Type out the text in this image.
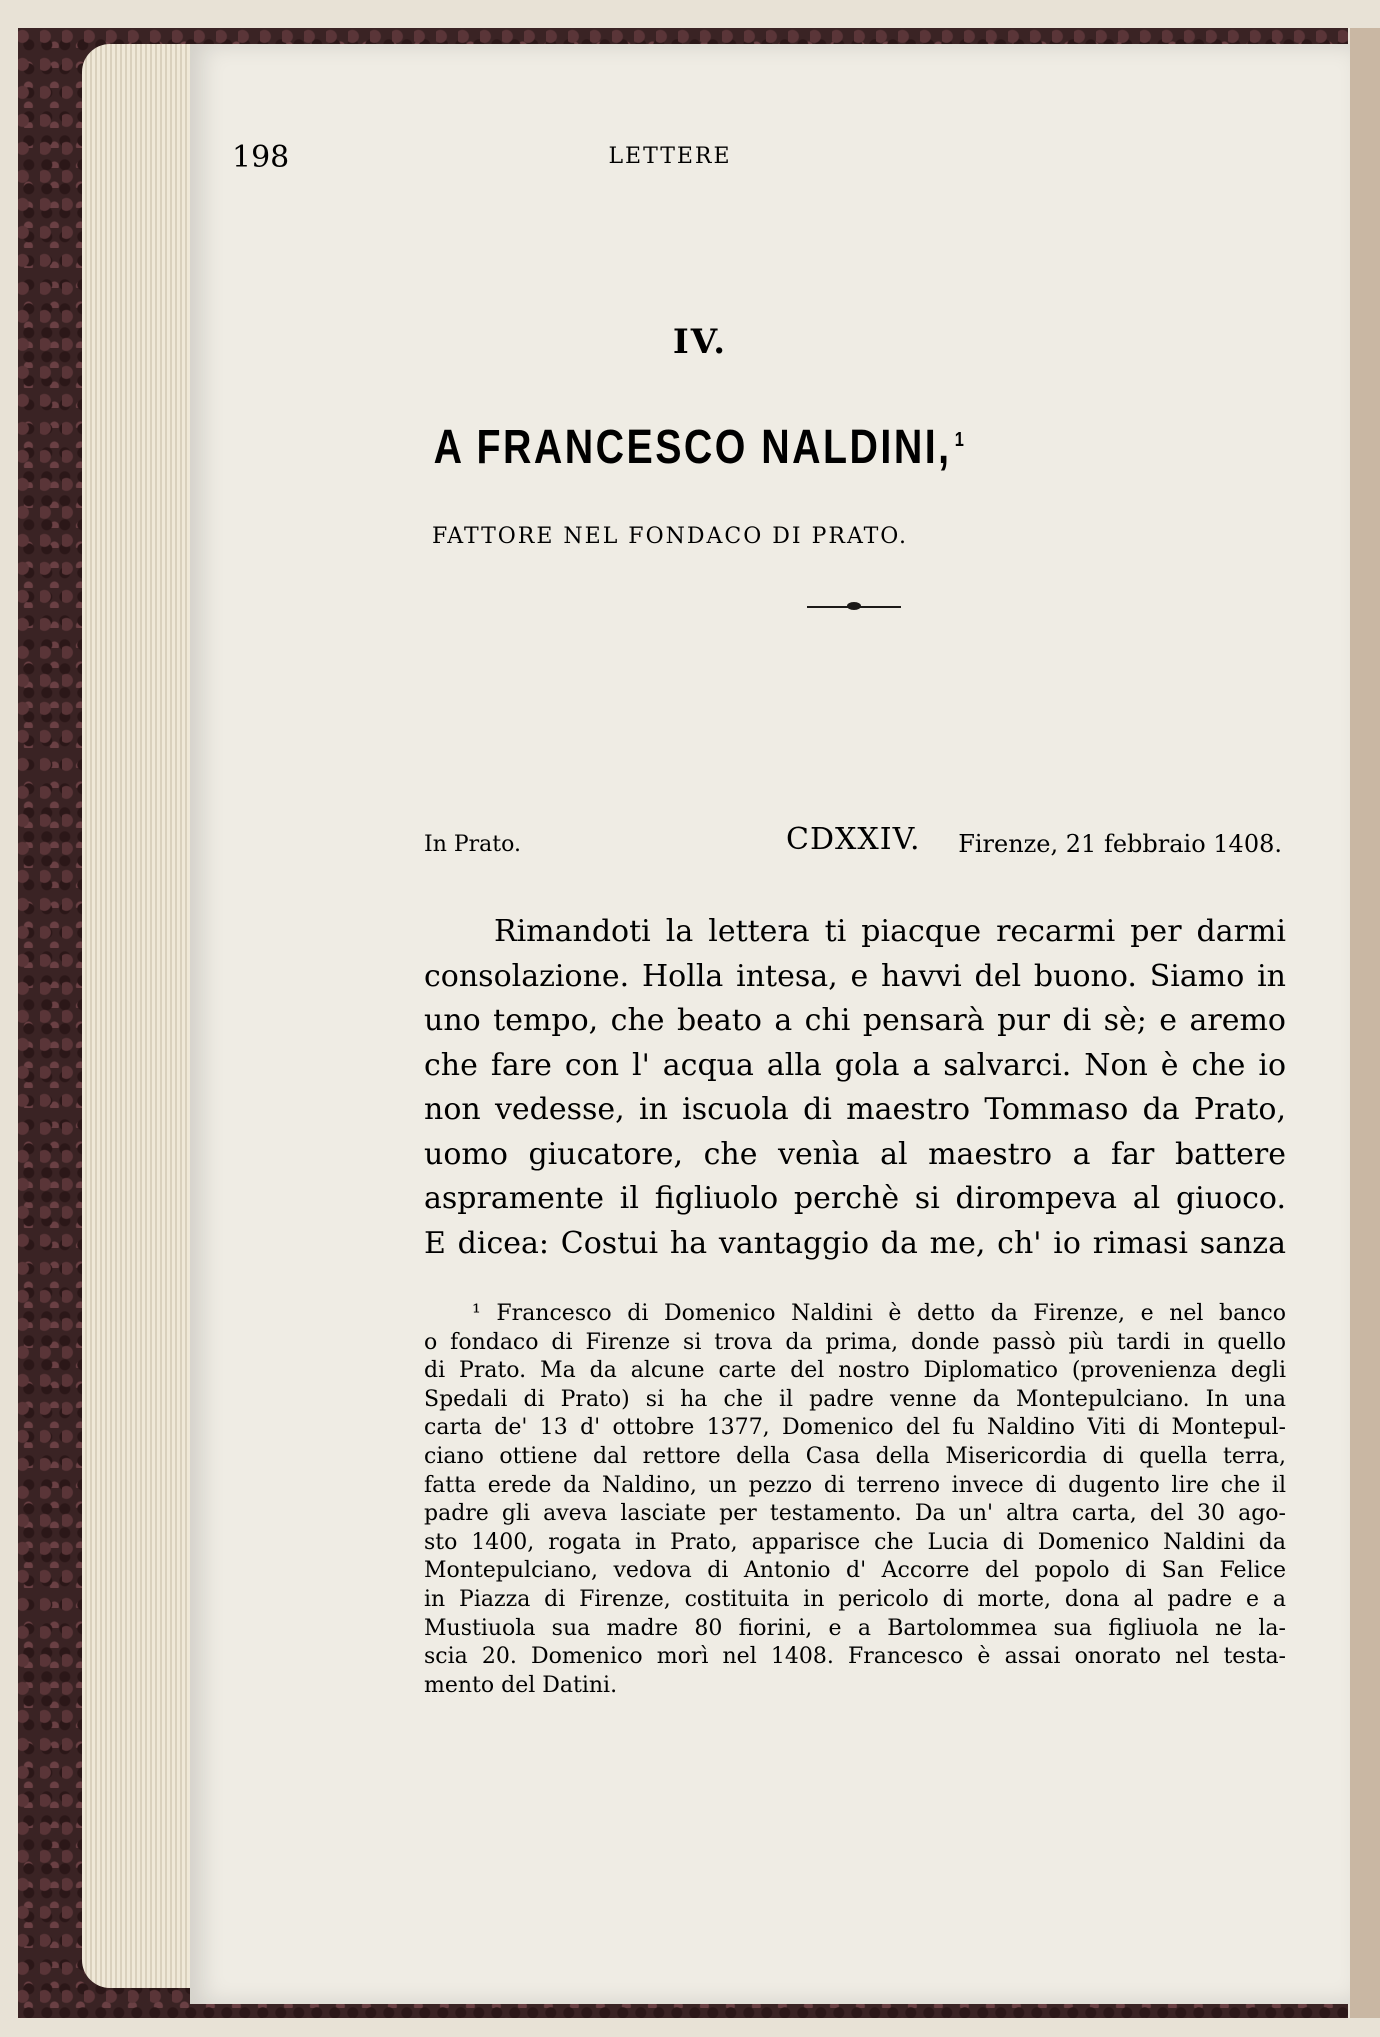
198	LETTERE
IV.
A FRANCESCO NALDINI, $^1$
FATTORE NEL FONDACO DI PRATO.
In Prato.	CDXXIV. Firenze, 21 febbraio 1408.
Rimandoti la lettera ti piacque recarmi per darmi
consolazione. Holla intesa, e havvi del buono. Siamo in
uno tempo, che beato a chi pensarà pur di sè; e aremo
che fare con l' acqua alla gola a salvarci. Non è che io
non vedesse, in iscuola di maestro Tommaso da Prato,
uomo giucatore, che venìa al maestro a far battere
aspramente il figliuolo perchè si dirompeva al giuoco.
E dicea: Costui ha vantaggio da me, ch' io rimasi sanza
¹ Francesco di Domenico Naldini è detto da Firenze, e nel banco
o fondaco di Firenze si trova da prima, donde passò più tardi in quello
di Prato. Ma da alcune carte del nostro Diplomatico (provenienza degli
Spedali di Prato) si ha che il padre venne da Montepulciano. In una
carta de' 13 d' ottobre 1377, Domenico del fu Naldino Viti di Montepul-
ciano ottiene dal rettore della Casa della Misericordia di quella terra,
fatta erede da Naldino, un pezzo di terreno invece di dugento lire che il
padre gli aveva lasciate per testamento. Da un' altra carta, del 30 ago-
sto 1400, rogata in Prato, apparisce che Lucia di Domenico Naldini da
Montepulciano, vedova di Antonio d' Accorre del popolo di San Felice
in Piazza di Firenze, costituita in pericolo di morte, dona al padre e a
Mustiuola sua madre 80 fiorini, e a Bartolommea sua figliuola ne la-
scia 20. Domenico morì nel 1408. Francesco è assai onorato nel testa-
mento del Datini.
